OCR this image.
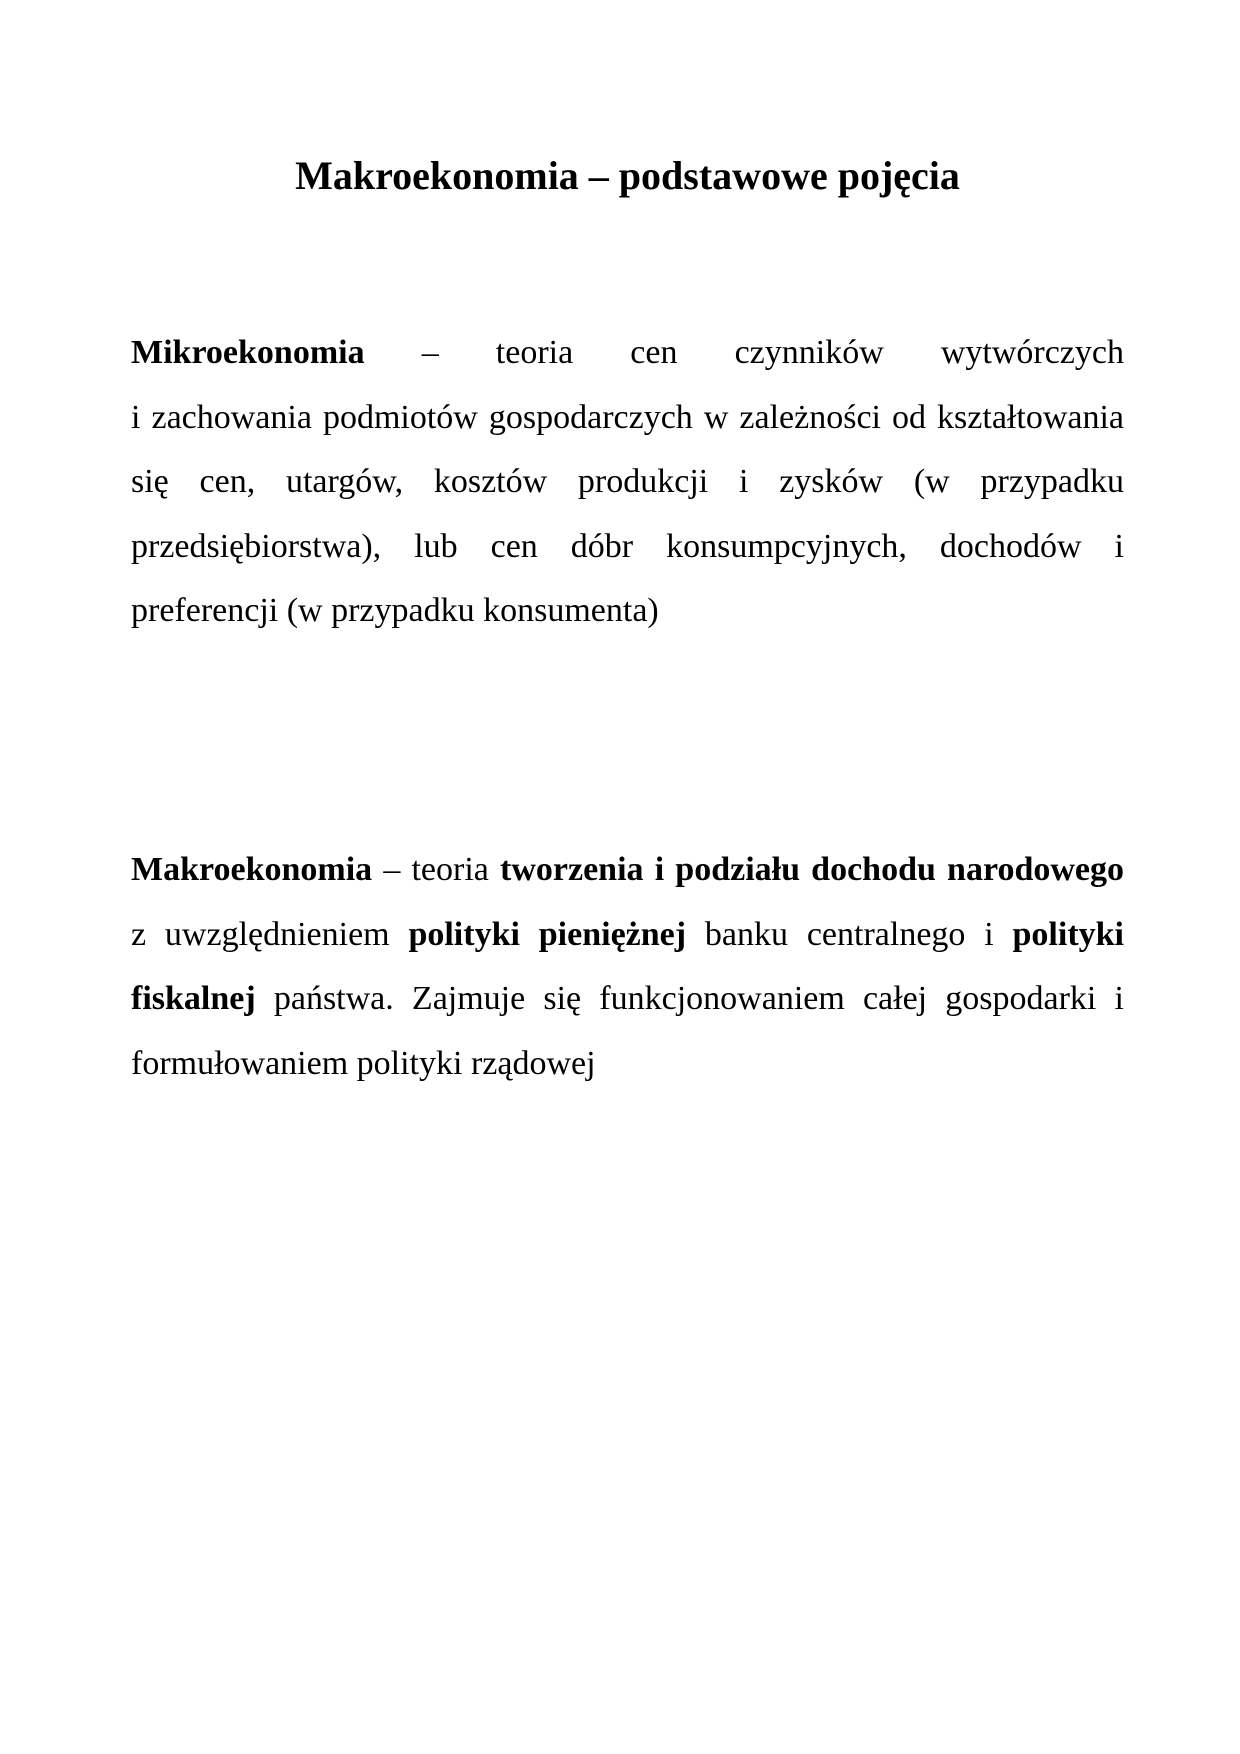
Makroekonomia – podstawowe pojęcia

Mikroekonomia – teoria cen czynników wytwórczych
i zachowania podmiotów gospodarczych w zależności od kształtowania się cen, utargów, kosztów produkcji i zysków (w przypadku przedsiębiorstwa), lub cen dóbr konsumpcyjnych, dochodów i preferencji (w przypadku konsumenta)

Makroekonomia – teoria tworzenia i podziału dochodu narodowego z uwzględnieniem polityki pieniężnej banku centralnego i polityki fiskalnej państwa. Zajmuje się funkcjonowaniem całej gospodarki i formułowaniem polityki rządowej
